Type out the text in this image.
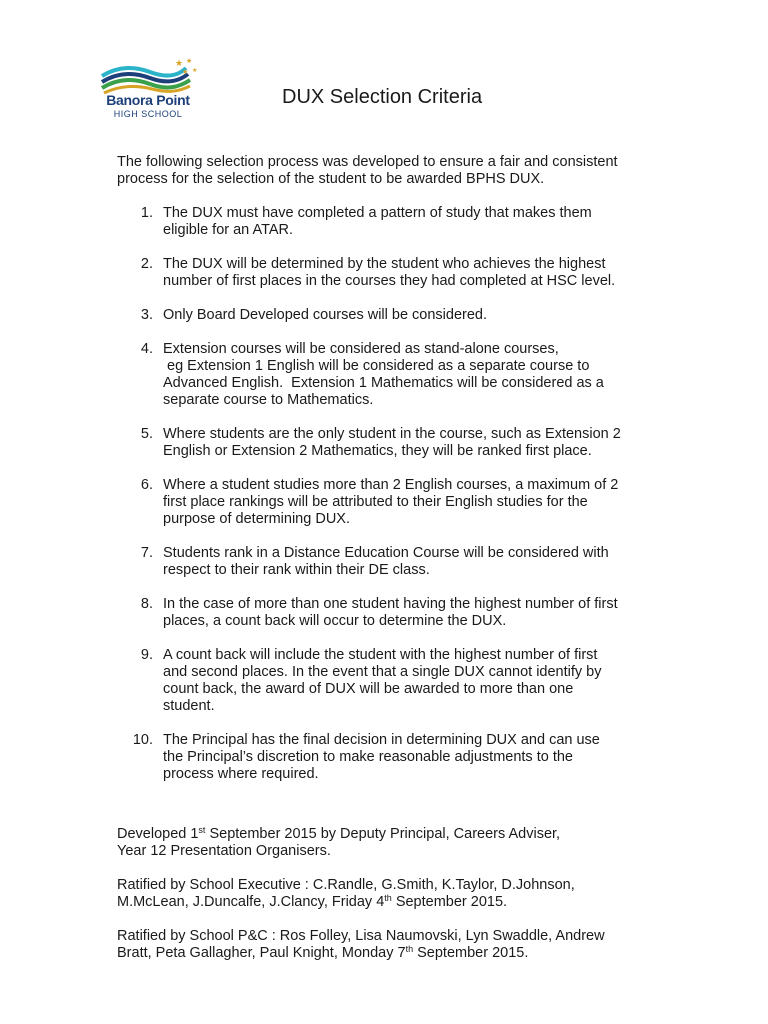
★ ★
★ ★
Banora Point
HIGH SCHOOL
DUX Selection Criteria
The following selection process was developed to ensure a fair and consistent
process for the selection of the student to be awarded BPHS DUX.
1. The DUX must have completed a pattern of study that makes them
eligible for an ATAR.
2. The DUX will be determined by the student who achieves the highest
number of first places in the courses they had completed at HSC level.
3. Only Board Developed courses will be considered.
4. Extension courses will be considered as stand-alone courses,
eg Extension 1 English will be considered as a separate course to
Advanced English.  Extension 1 Mathematics will be considered as a
separate course to Mathematics.
5. Where students are the only student in the course, such as Extension 2
English or Extension 2 Mathematics, they will be ranked first place.
6. Where a student studies more than 2 English courses, a maximum of 2
first place rankings will be attributed to their English studies for the
purpose of determining DUX.
7. Students rank in a Distance Education Course will be considered with
respect to their rank within their DE class.
8. In the case of more than one student having the highest number of first
places, a count back will occur to determine the DUX.
9. A count back will include the student with the highest number of first
and second places. In the event that a single DUX cannot identify by
count back, the award of DUX will be awarded to more than one
student.
10. The Principal has the final decision in determining DUX and can use
the Principal’s discretion to make reasonable adjustments to the
process where required.
Developed 1st September 2015 by Deputy Principal, Careers Adviser,
Year 12 Presentation Organisers.
Ratified by School Executive : C.Randle, G.Smith, K.Taylor, D.Johnson,
M.McLean, J.Duncalfe, J.Clancy, Friday 4th September 2015.
Ratified by School P&C : Ros Folley, Lisa Naumovski, Lyn Swaddle, Andrew
Bratt, Peta Gallagher, Paul Knight, Monday 7th September 2015.
